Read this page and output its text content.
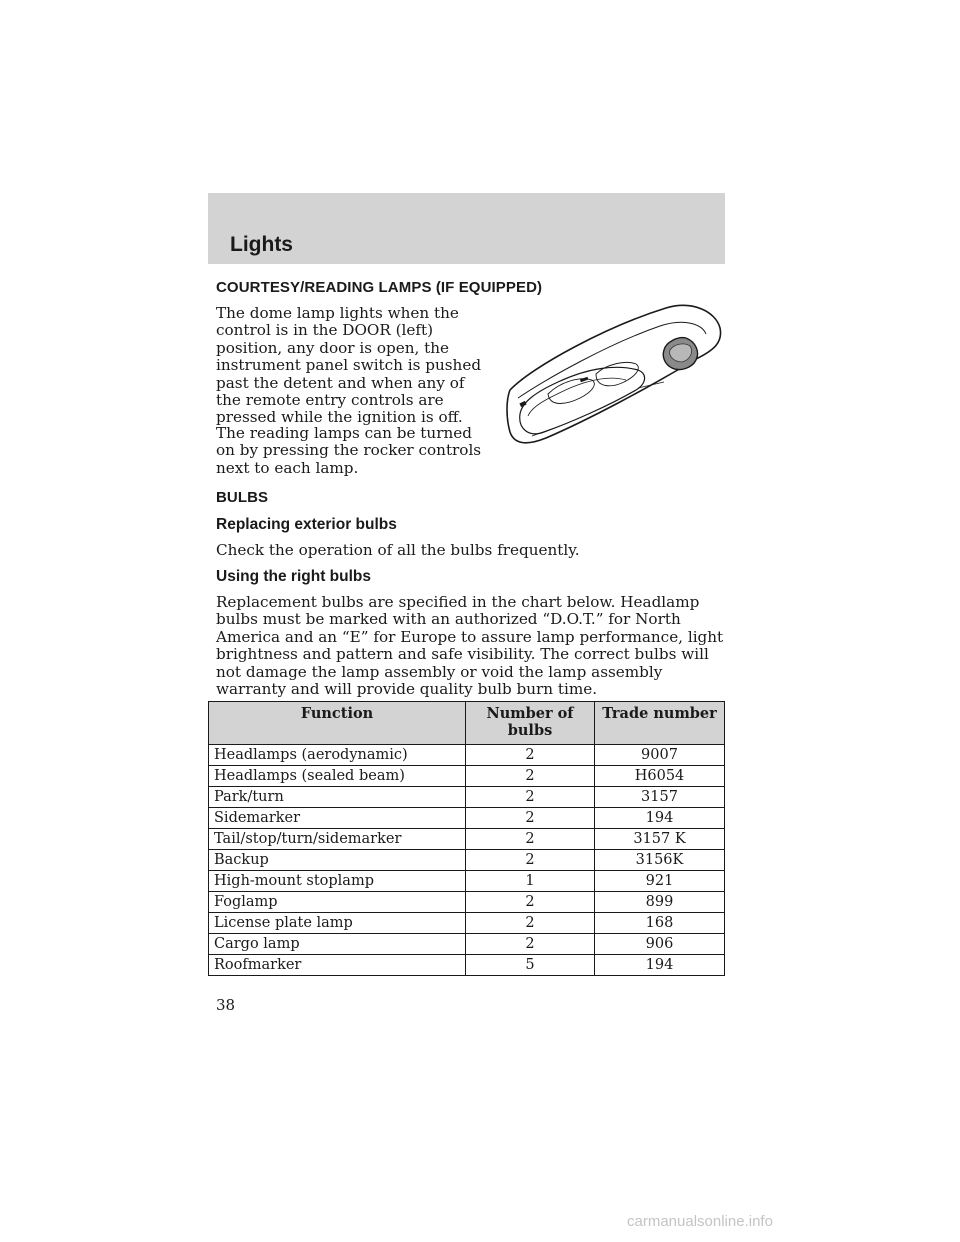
Lights
COURTESY/READING LAMPS (IF EQUIPPED)

The dome lamp lights when the control is in the DOOR (left) position, any door is open, the instrument panel switch is pushed past the detent and when any of the remote entry controls are pressed while the ignition is off.

The reading lamps can be turned on by pressing the rocker controls next to each lamp.

BULBS
Replacing exterior bulbs

Check the operation of all the bulbs frequently.

Using the right bulbs

Replacement bulbs are specified in the chart below. Headlamp bulbs must be marked with an authorized “D.O.T.” for North America and an “E” for Europe to assure lamp performance, light brightness and pattern and safe visibility. The correct bulbs will not damage the lamp assembly or void the lamp assembly warranty and will provide quality bulb burn time.

Function	Number of bulbs	Trade number
Headlamps (aerodynamic)	2	9007
Headlamps (sealed beam)	2	H6054
Park/turn	2	3157
Sidemarker	2	194
Tail/stop/turn/sidemarker	2	3157 K
Backup	2	3156K
High-mount stoplamp	1	921
Foglamp	2	899
License plate lamp	2	168
Cargo lamp	2	906
Roofmarker	5	194
38
carmanualsonline.info
